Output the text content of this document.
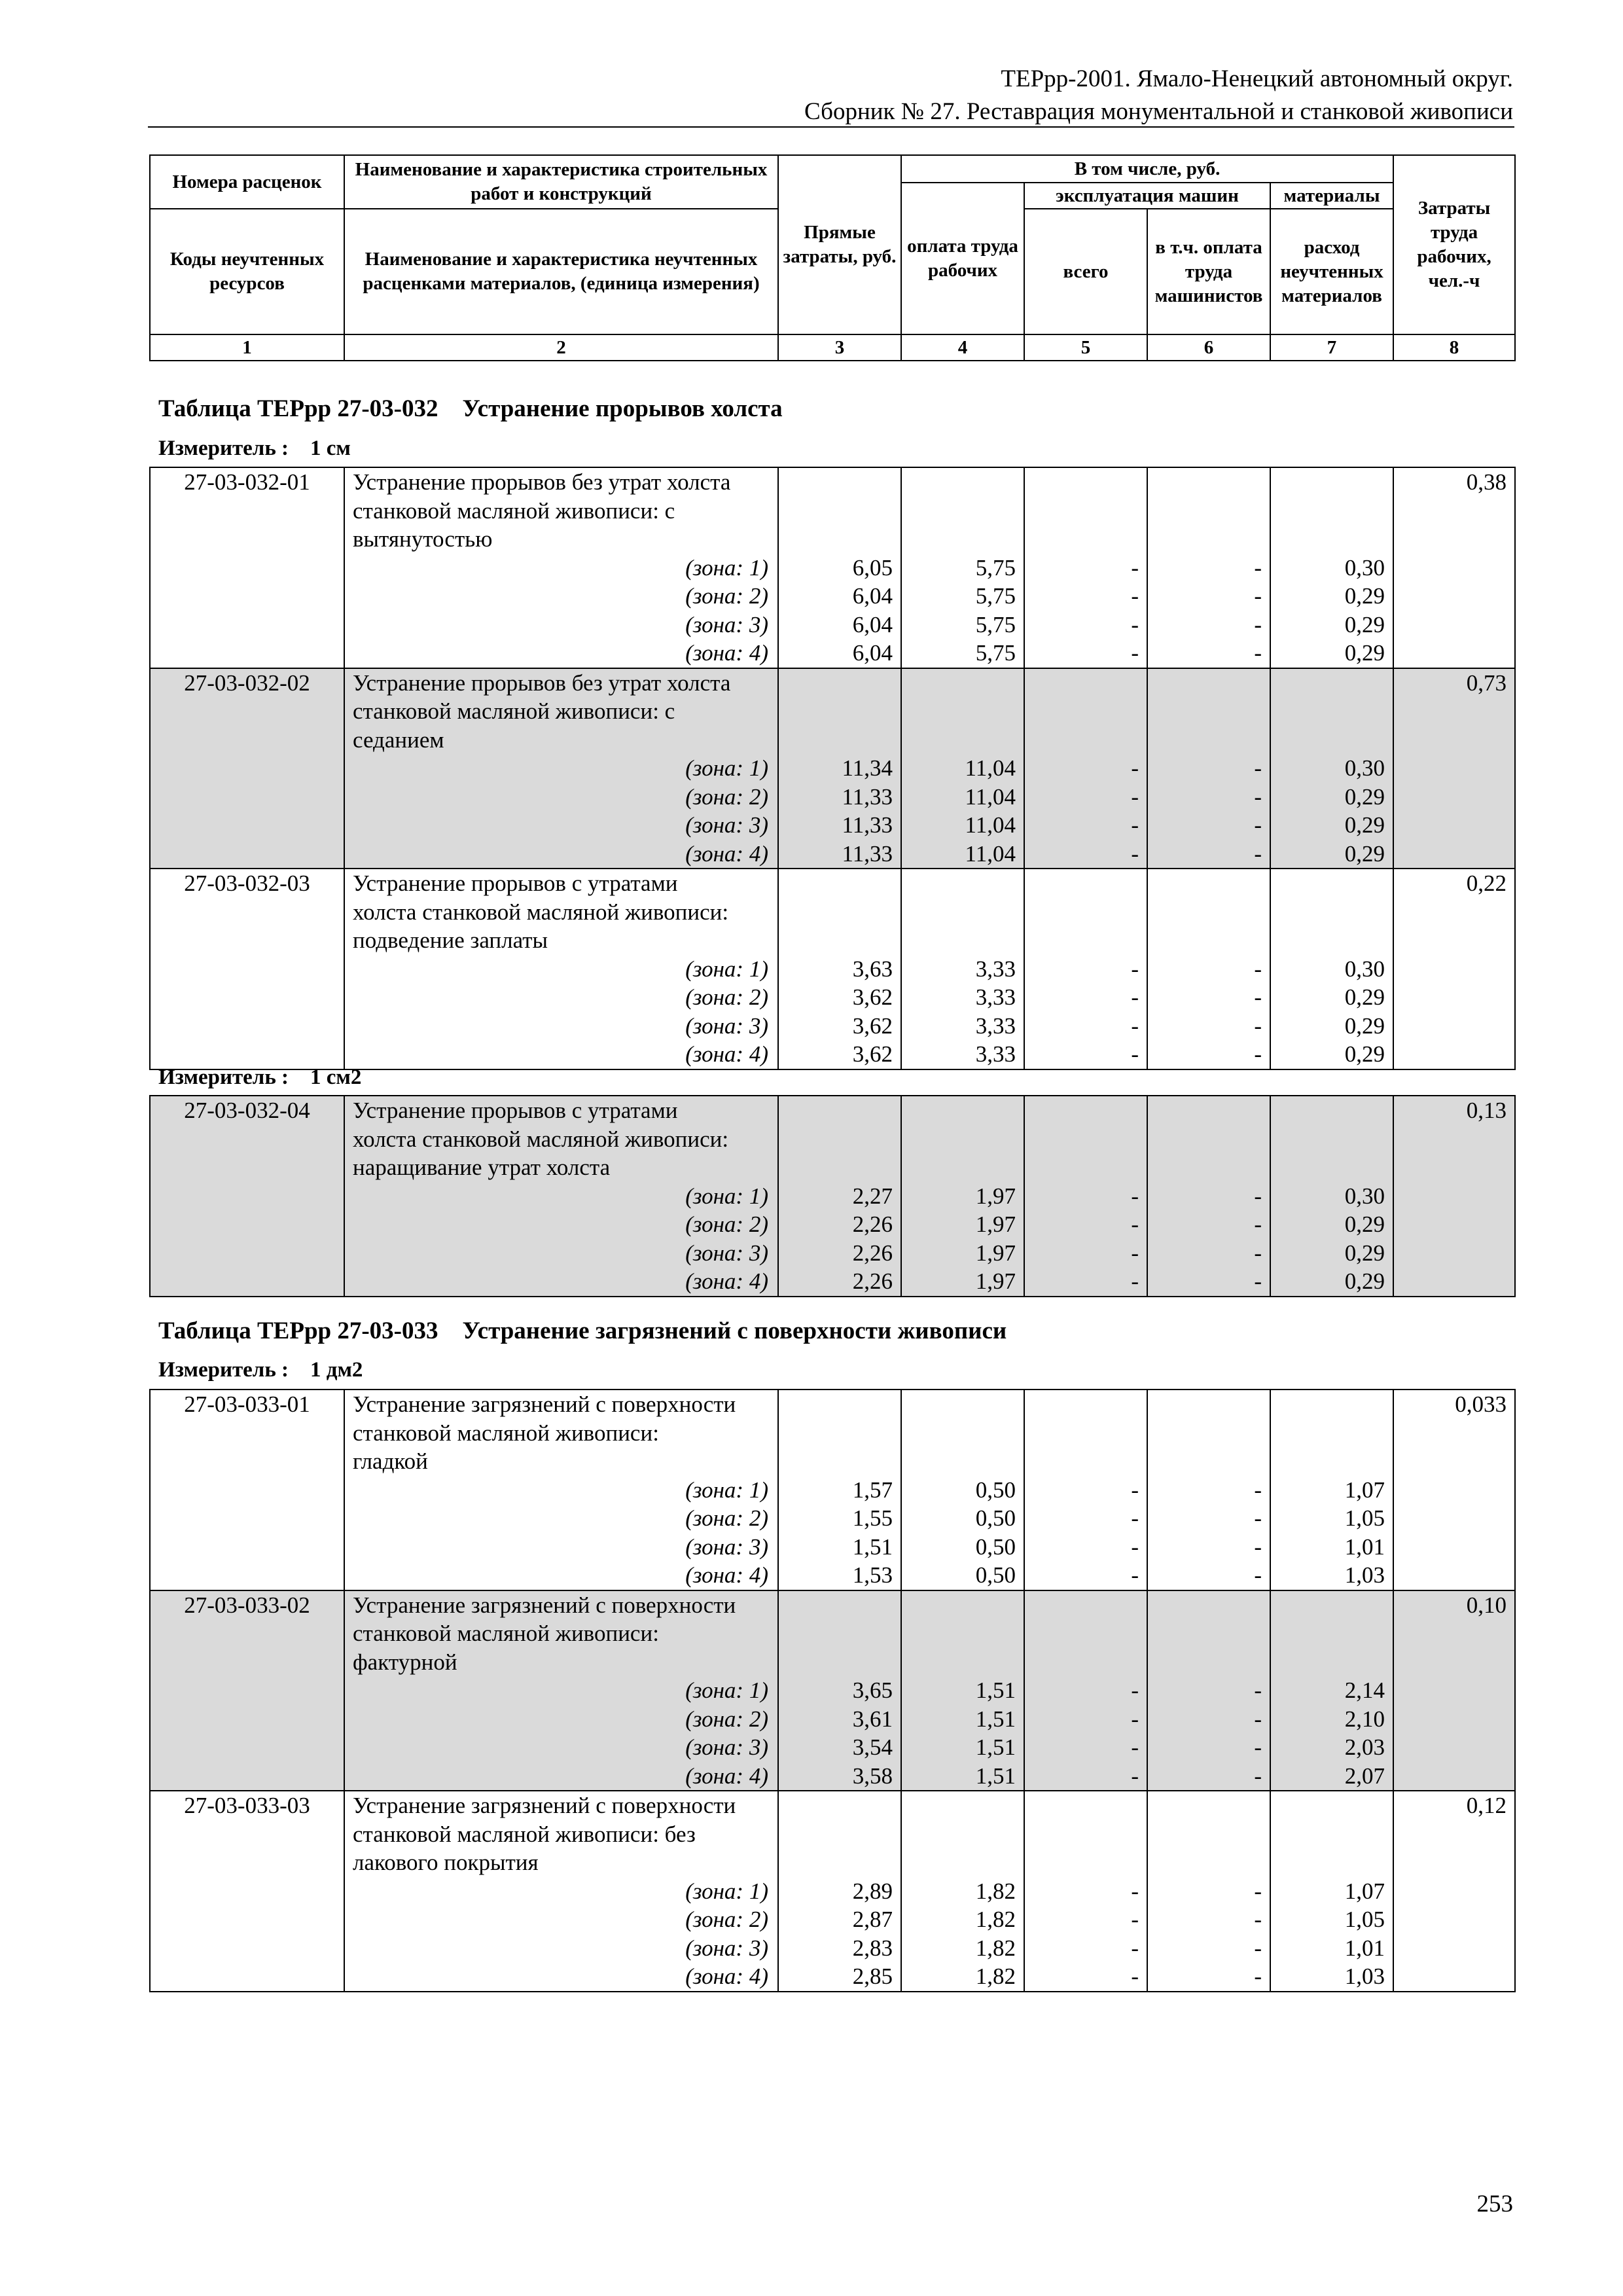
ТЕРрр-2001. Ямало-Ненецкий автономный округ.
Сборник № 27. Реставрация монументальной и станковой живописи
Номера расценок	Наименование и характеристика строительных работ и конструкций	Прямые затраты, руб.	В том числе, руб.				Затраты труда рабочих, чел.-ч
			оплата труда рабочих	эксплуатация машин		материалы	
Коды неучтенных ресурсов	Наименование и характеристика неучтенных расценками материалов, (единица измерения)			всего	в т.ч. оплата труда машинистов	расход неучтенных материалов	
1	2	3	4	5	6	7	8
Таблица ТЕРрр 27-03-032    Устранение прорывов холста
Измеритель : 1 см
27-03-032-01	Устранение прорывов без утрат холста						0,38
	станковой масляной живописи: с						
	вытянутостью						
	(зона: 1)	6,05	5,75	-	-	0,30	
	(зона: 2)	6,04	5,75	-	-	0,29	
	(зона: 3)	6,04	5,75	-	-	0,29	
	(зона: 4)	6,04	5,75	-	-	0,29	
27-03-032-02	Устранение прорывов без утрат холста						0,73
	станковой масляной живописи: с						
	седанием						
	(зона: 1)	11,34	11,04	-	-	0,30	
	(зона: 2)	11,33	11,04	-	-	0,29	
	(зона: 3)	11,33	11,04	-	-	0,29	
	(зона: 4)	11,33	11,04	-	-	0,29	
27-03-032-03	Устранение прорывов с утратами						0,22
	холста станковой масляной живописи:						
	подведение заплаты						
	(зона: 1)	3,63	3,33	-	-	0,30	
	(зона: 2)	3,62	3,33	-	-	0,29	
	(зона: 3)	3,62	3,33	-	-	0,29	
	(зона: 4)	3,62	3,33	-	-	0,29	
Измеритель : 1 см2
27-03-032-04	Устранение прорывов с утратами						0,13
	холста станковой масляной живописи:						
	наращивание утрат холста						
	(зона: 1)	2,27	1,97	-	-	0,30	
	(зона: 2)	2,26	1,97	-	-	0,29	
	(зона: 3)	2,26	1,97	-	-	0,29	
	(зона: 4)	2,26	1,97	-	-	0,29	
Таблица ТЕРрр 27-03-033    Устранение загрязнений с поверхности живописи
Измеритель : 1 дм2
27-03-033-01	Устранение загрязнений с поверхности						0,033
	станковой масляной живописи:						
	гладкой						
	(зона: 1)	1,57	0,50	-	-	1,07	
	(зона: 2)	1,55	0,50	-	-	1,05	
	(зона: 3)	1,51	0,50	-	-	1,01	
	(зона: 4)	1,53	0,50	-	-	1,03	
27-03-033-02	Устранение загрязнений с поверхности						0,10
	станковой масляной живописи:						
	фактурной						
	(зона: 1)	3,65	1,51	-	-	2,14	
	(зона: 2)	3,61	1,51	-	-	2,10	
	(зона: 3)	3,54	1,51	-	-	2,03	
	(зона: 4)	3,58	1,51	-	-	2,07	
27-03-033-03	Устранение загрязнений с поверхности						0,12
	станковой масляной живописи: без						
	лакового покрытия						
	(зона: 1)	2,89	1,82	-	-	1,07	
	(зона: 2)	2,87	1,82	-	-	1,05	
	(зона: 3)	2,83	1,82	-	-	1,01	
	(зона: 4)	2,85	1,82	-	-	1,03	
253
